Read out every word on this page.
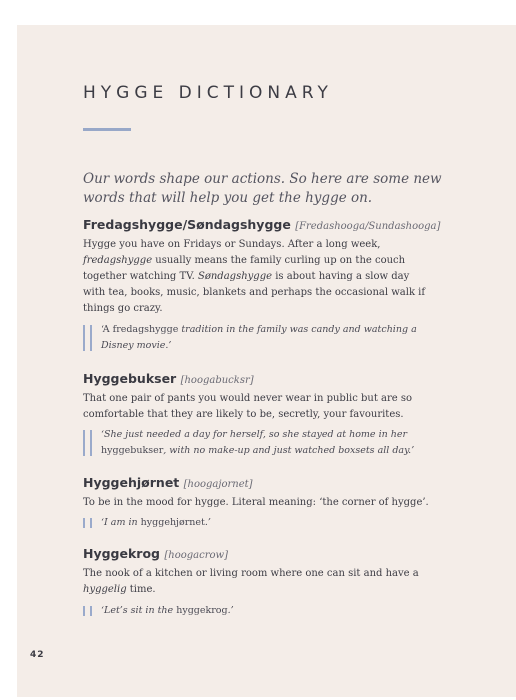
HYGGE DICTIONARY

Our words shape our actions. So here are some new words that will help you get the hygge on.

Fredagshygge/Søndagshygge [Fredashooga/Sundashooga]

Hygge you have on Fridays or Sundays. After a long week, fredagshygge usually means the family curling up on the couch together watching TV. Søndagshygge is about having a slow day with tea, books, music, blankets and perhaps the occasional walk if things go crazy.

‘A fredagshygge tradition in the family was candy and watching a Disney movie.’

Hyggebukser [hoogabucksr]

That one pair of pants you would never wear in public but are so comfortable that they are likely to be, secretly, your favourites.

‘She just needed a day for herself, so she stayed at home in her hyggebukser, with no make-up and just watched boxsets all day.’

Hyggehjørnet [hoogajornet]

To be in the mood for hygge. Literal meaning: ‘the corner of hygge’.

‘I am in hyggehjørnet.’

Hyggekrog [hoogacrow]

The nook of a kitchen or living room where one can sit and have a hyggelig time.

‘Let’s sit in the hyggekrog.’

42
